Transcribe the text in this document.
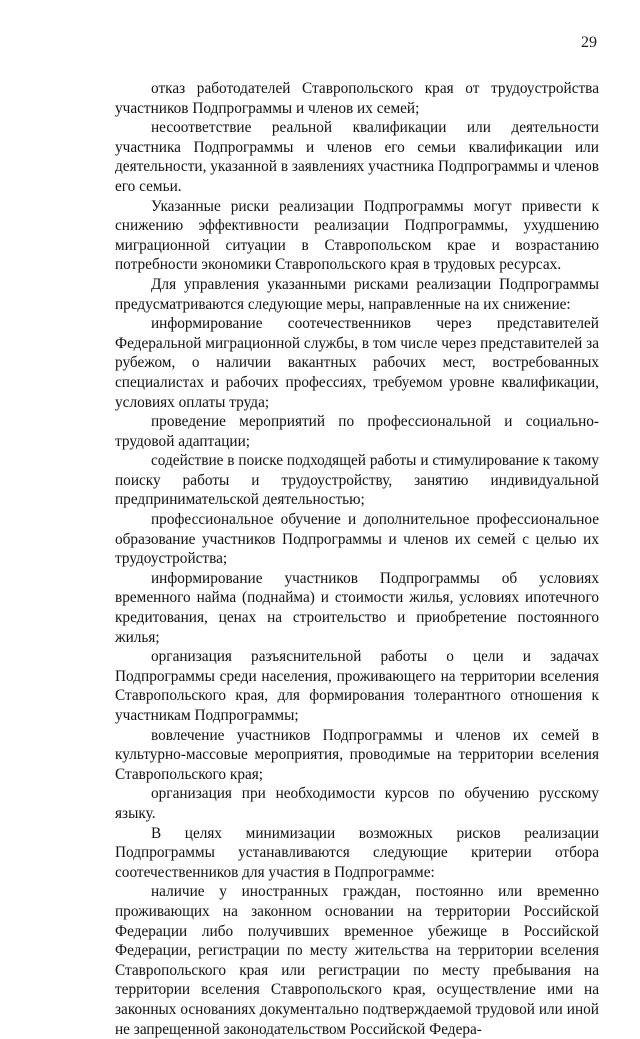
29

отказ работодателей Ставропольского края от трудоустройства участников Подпрограммы и членов их семей;

несоответствие реальной квалификации или деятельности участника Подпрограммы и членов его семьи квалификации или деятельности, указанной в заявлениях участника Подпрограммы и членов его семьи.

Указанные риски реализации Подпрограммы могут привести к снижению эффективности реализации Подпрограммы, ухудшению миграционной ситуации в Ставропольском крае и возрастанию потребности экономики Ставропольского края в трудовых ресурсах.

Для управления указанными рисками реализации Подпрограммы предусматриваются следующие меры, направленные на их снижение:

информирование соотечественников через представителей Федеральной миграционной службы, в том числе через представителей за рубежом, о наличии вакантных рабочих мест, востребованных специалистах и рабочих профессиях, требуемом уровне квалификации, условиях оплаты труда;

проведение мероприятий по профессиональной и социально-трудовой адаптации;

содействие в поиске подходящей работы и стимулирование к такому поиску работы и трудоустройству, занятию индивидуальной предпринимательской деятельностью;

профессиональное обучение и дополнительное профессиональное образование участников Подпрограммы и членов их семей с целью их трудоустройства;

информирование участников Подпрограммы об условиях временного найма (поднайма) и стоимости жилья, условиях ипотечного кредитования, ценах на строительство и приобретение постоянного жилья;

организация разъяснительной работы о цели и задачах Подпрограммы среди населения, проживающего на территории вселения Ставропольского края, для формирования толерантного отношения к участникам Подпрограммы;

вовлечение участников Подпрограммы и членов их семей в культурно-массовые мероприятия, проводимые на территории вселения Ставропольского края;

организация при необходимости курсов по обучению русскому языку.

В целях минимизации возможных рисков реализации Подпрограммы устанавливаются следующие критерии отбора соотечественников для участия в Подпрограмме:

наличие у иностранных граждан, постоянно или временно проживающих на законном основании на территории Российской Федерации либо получивших временное убежище в Российской Федерации, регистрации по месту жительства на территории вселения Ставропольского края или регистрации по месту пребывания на территории вселения Ставропольского края, осуществление ими на законных основаниях документально подтверждаемой трудовой или иной не запрещенной законодательством Российской Федера-
